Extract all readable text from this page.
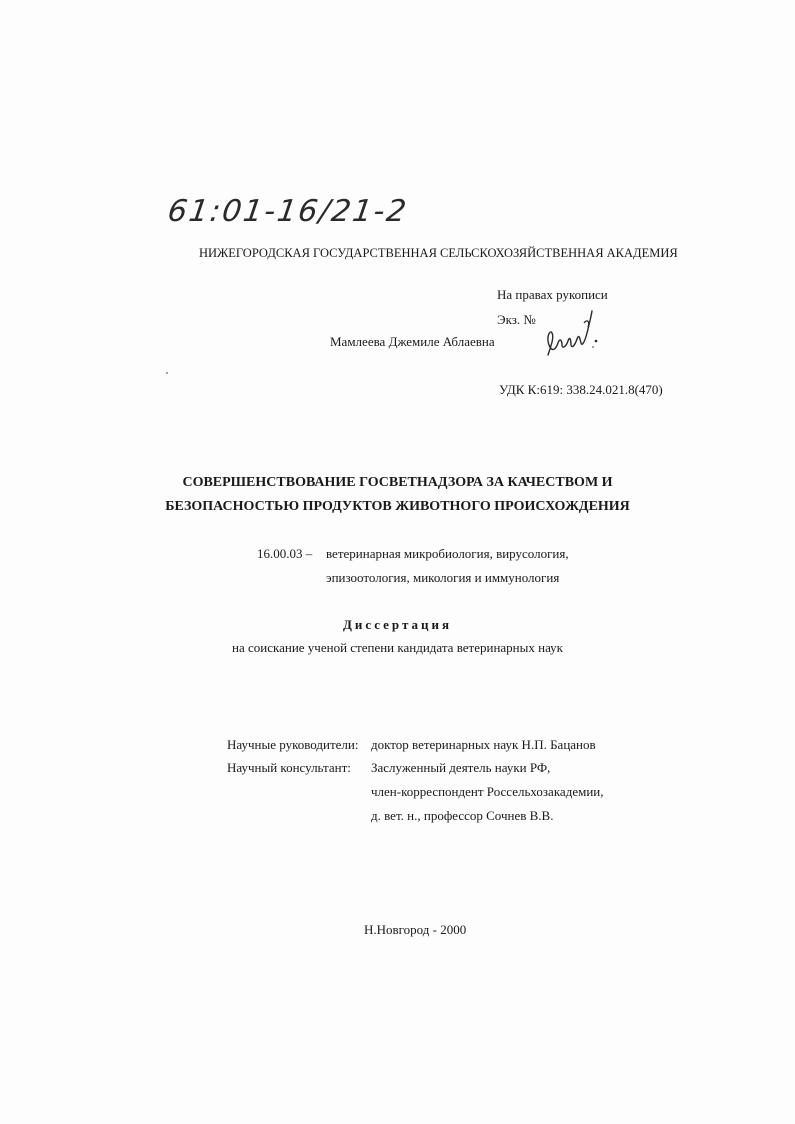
61:01-16/21-2
НИЖЕГОРОДСКАЯ ГОСУДАРСТВЕННАЯ СЕЛЬСКОХОЗЯЙСТВЕННАЯ АКАДЕМИЯ
На правах рукописи
Экз. №
Мамлеева Джемиле Аблаевна
УДК К:619: 338.24.021.8(470)
СОВЕРШЕНСТВОВАНИЕ ГОСВЕТНАДЗОРА ЗА КАЧЕСТВОМ И
БЕЗОПАСНОСТЬЮ ПРОДУКТОВ ЖИВОТНОГО ПРОИСХОЖДЕНИЯ
16.00.03 – ветеринарная микробиология, вирусология,
эпизоотология, микология и иммунология
Диссертация
на соискание ученой степени кандидата ветеринарных наук
Научные руководители: доктор ветеринарных наук Н.П. Бацанов
Научный консультант: Заслуженный деятель науки РФ,
член-корреспондент Россельхозакадемии,
д. вет. н., профессор Сочнев В.В.
Н.Новгород - 2000
